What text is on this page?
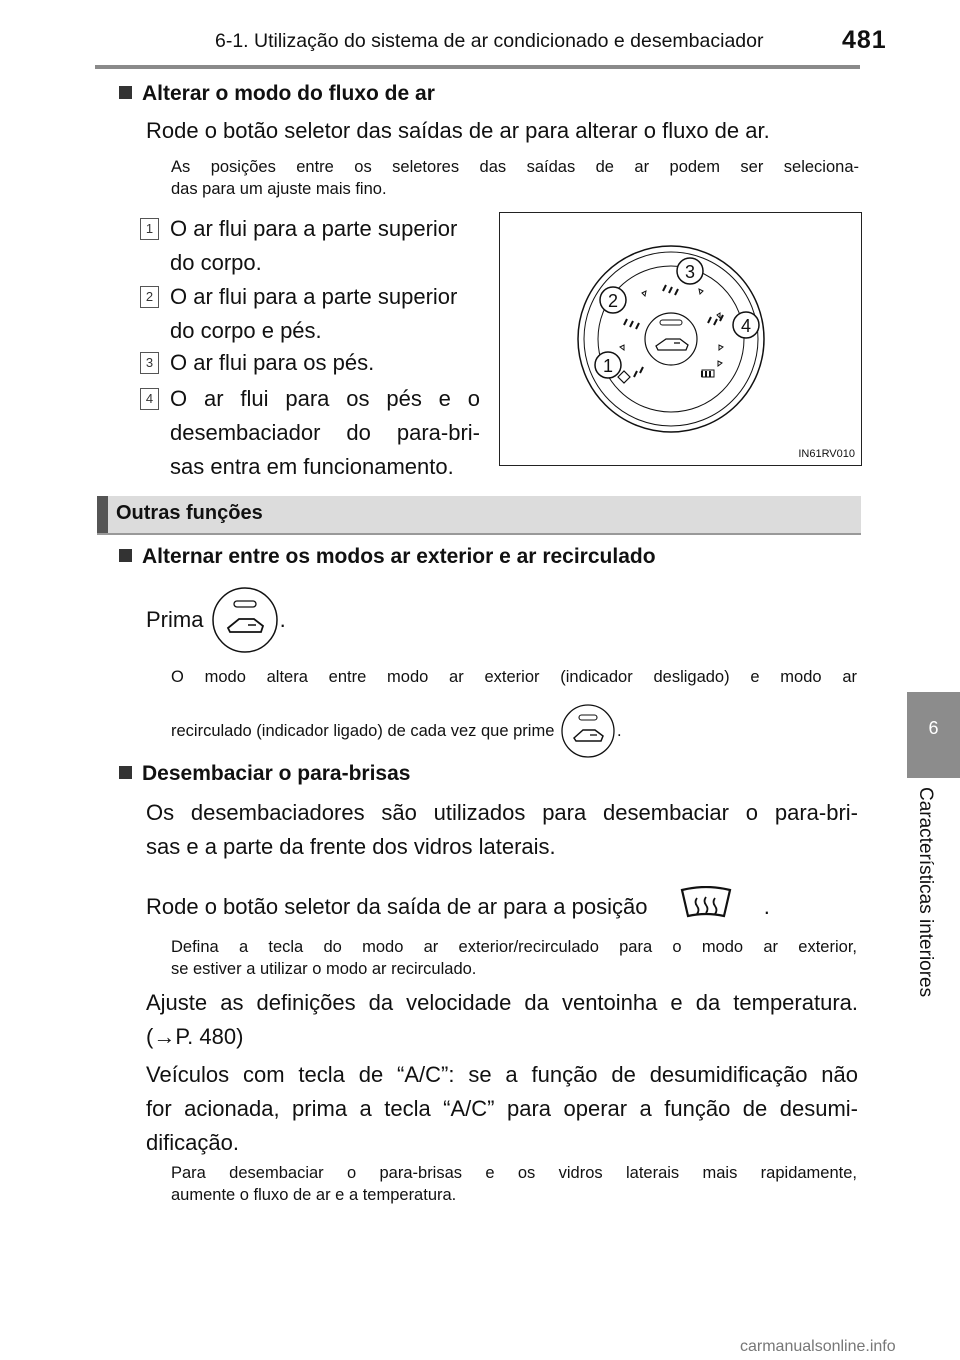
6-1. Utilização do sistema de ar condicionado e desembaciador	481
6
Características interiores
Alterar o modo do fluxo de ar
Rode o botão seletor das saídas de ar para alterar o fluxo de ar.
As posições entre os seletores das saídas de ar podem ser seleciona-
das para um ajuste mais fino.
1 O ar flui para a parte superior
do corpo.
2 O ar flui para a parte superior
do corpo e pés.
3 O ar flui para os pés.
4 O ar flui para os pés e o
desembaciador do para-bri-
sas entra em funcionamento.
3
2
4
1
IN61RV010
Outras funções
Alternar entre os modos ar exterior e ar recirculado
Prima	.
O modo altera entre modo ar exterior (indicador desligado) e modo ar
recirculado (indicador ligado) de cada vez que prime	.
Desembaciar o para-brisas
Os desembaciadores são utilizados para desembaciar o para-bri-
sas e a parte da frente dos vidros laterais.
Rode o botão seletor da saída de ar para a posição	.
Defina a tecla do modo ar exterior/recirculado para o modo ar exterior,
se estiver a utilizar o modo ar recirculado.
Ajuste as definições da velocidade da ventoinha e da temperatura.
(→P. 480)
Veículos com tecla de “A/C”: se a função de desumidificação não
for acionada, prima a tecla “A/C” para operar a função de desumi-
dificação.
Para desembaciar o para-brisas e os vidros laterais mais rapidamente,
aumente o fluxo de ar e a temperatura.
carmanualsonline.info
